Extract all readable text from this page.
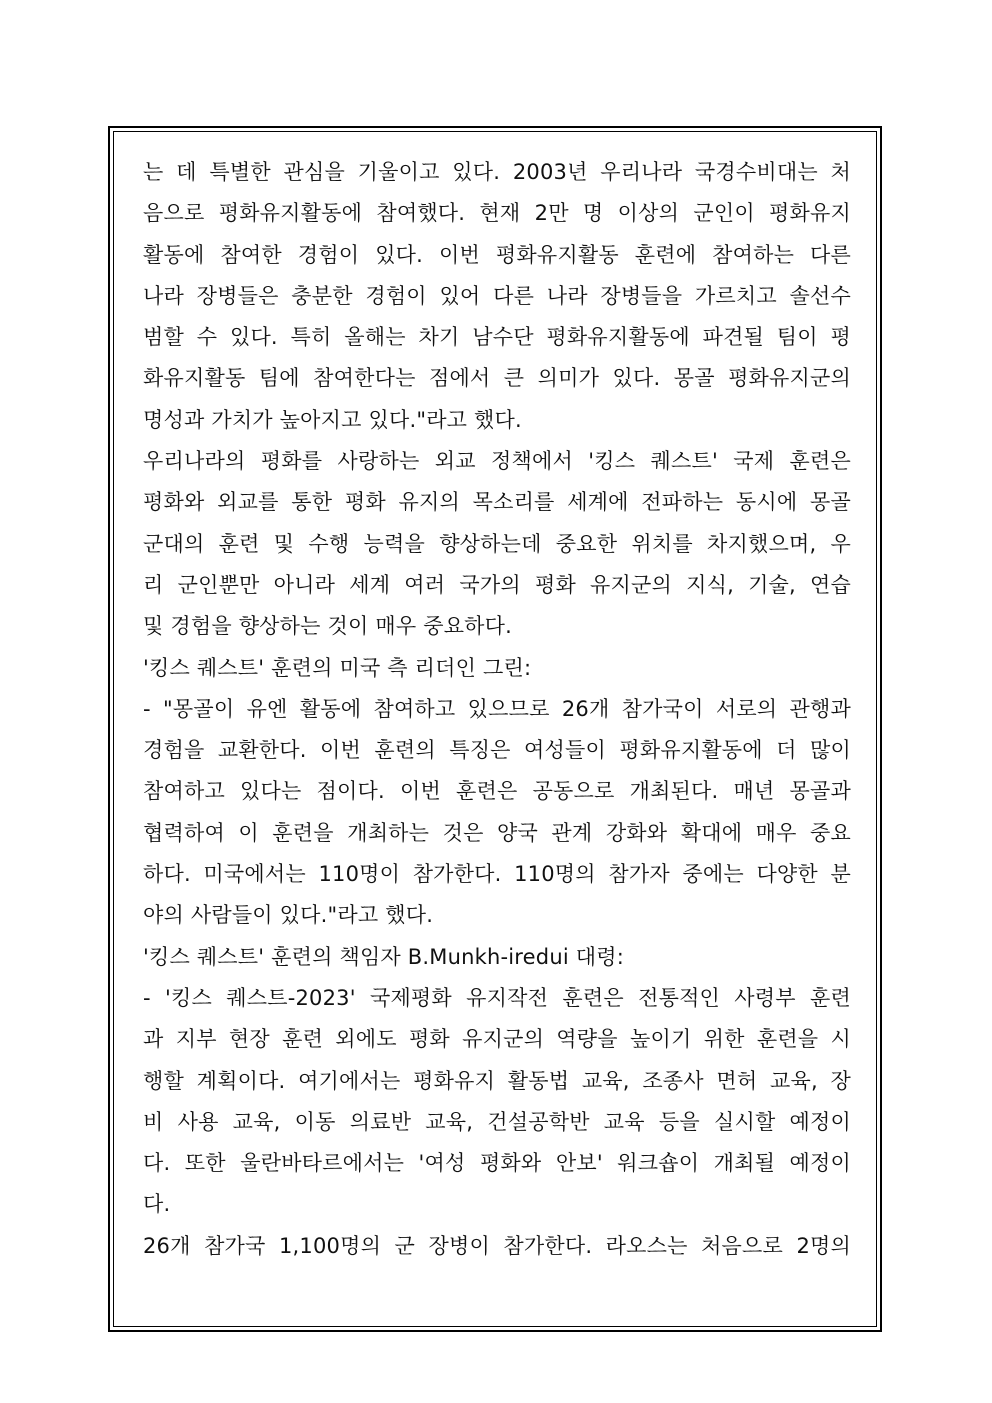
는 데 특별한 관심을 기울이고 있다. 2003년 우리나라 국경수비대는 처
음으로 평화유지활동에 참여했다. 현재 2만 명 이상의 군인이 평화유지
활동에 참여한 경험이 있다. 이번 평화유지활동 훈련에 참여하는 다른
나라 장병들은 충분한 경험이 있어 다른 나라 장병들을 가르치고 솔선수
범할 수 있다. 특히 올해는 차기 남수단 평화유지활동에 파견될 팀이 평
화유지활동 팀에 참여한다는 점에서 큰 의미가 있다. 몽골 평화유지군의
명성과 가치가 높아지고 있다."라고 했다.
우리나라의 평화를 사랑하는 외교 정책에서 '킹스 퀘스트' 국제 훈련은
평화와 외교를 통한 평화 유지의 목소리를 세계에 전파하는 동시에 몽골
군대의 훈련 및 수행 능력을 향상하는데 중요한 위치를 차지했으며, 우
리 군인뿐만 아니라 세계 여러 국가의 평화 유지군의 지식, 기술, 연습
및 경험을 향상하는 것이 매우 중요하다.
'킹스 퀘스트' 훈련의 미국 측 리더인 그린:
- "몽골이 유엔 활동에 참여하고 있으므로 26개 참가국이 서로의 관행과
경험을 교환한다. 이번 훈련의 특징은 여성들이 평화유지활동에 더 많이
참여하고 있다는 점이다. 이번 훈련은 공동으로 개최된다. 매년 몽골과
협력하여 이 훈련을 개최하는 것은 양국 관계 강화와 확대에 매우 중요
하다. 미국에서는 110명이 참가한다. 110명의 참가자 중에는 다양한 분
야의 사람들이 있다."라고 했다.
'킹스 퀘스트' 훈련의 책임자 B.Munkh-iredui 대령:
- '킹스 퀘스트-2023' 국제평화 유지작전 훈련은 전통적인 사령부 훈련
과 지부 현장 훈련 외에도 평화 유지군의 역량을 높이기 위한 훈련을 시
행할 계획이다. 여기에서는 평화유지 활동법 교육, 조종사 면허 교육, 장
비 사용 교육, 이동 의료반 교육, 건설공학반 교육 등을 실시할 예정이
다. 또한 울란바타르에서는 '여성 평화와 안보' 워크숍이 개최될 예정이
다.
26개 참가국 1,100명의 군 장병이 참가한다. 라오스는 처음으로 2명의
